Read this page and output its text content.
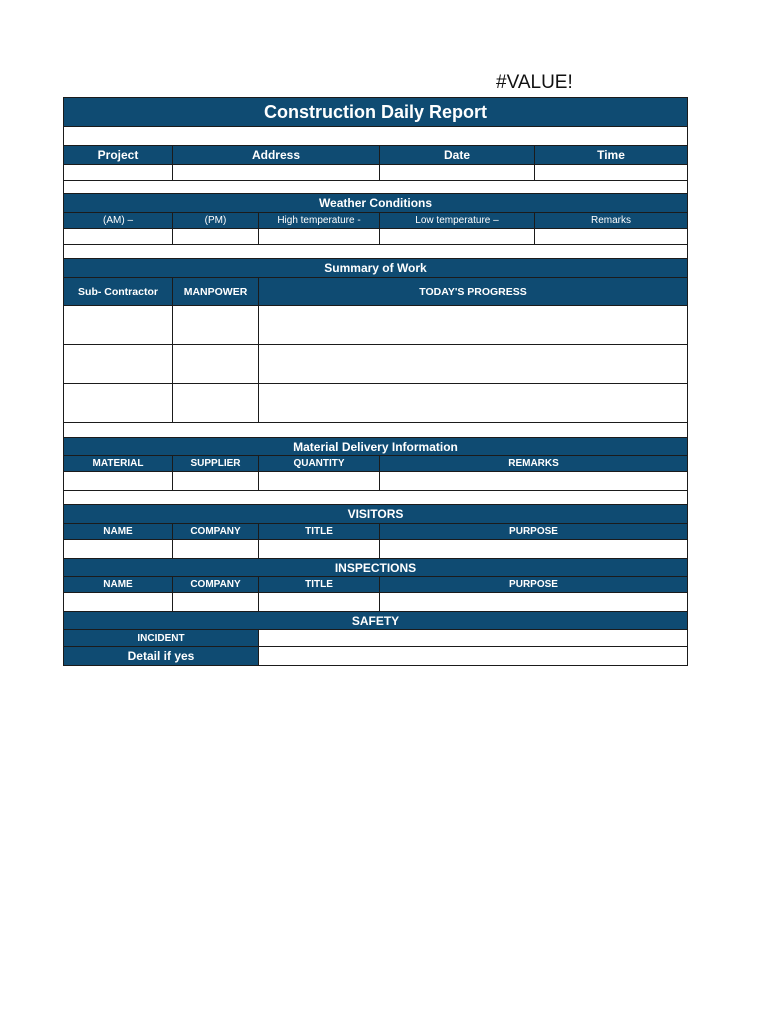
#VALUE!
Construction Daily Report
Project	Address	Date	Time
Weather Conditions
(AM) –	(PM)	High temperature -	Low temperature –	Remarks
Summary of Work
Sub- Contractor	MANPOWER	TODAY'S PROGRESS
Material Delivery Information
MATERIAL	SUPPLIER	QUANTITY	REMARKS
VISITORS
NAME	COMPANY	TITLE	PURPOSE
INSPECTIONS
NAME	COMPANY	TITLE	PURPOSE
SAFETY
INCIDENT
Detail if yes
